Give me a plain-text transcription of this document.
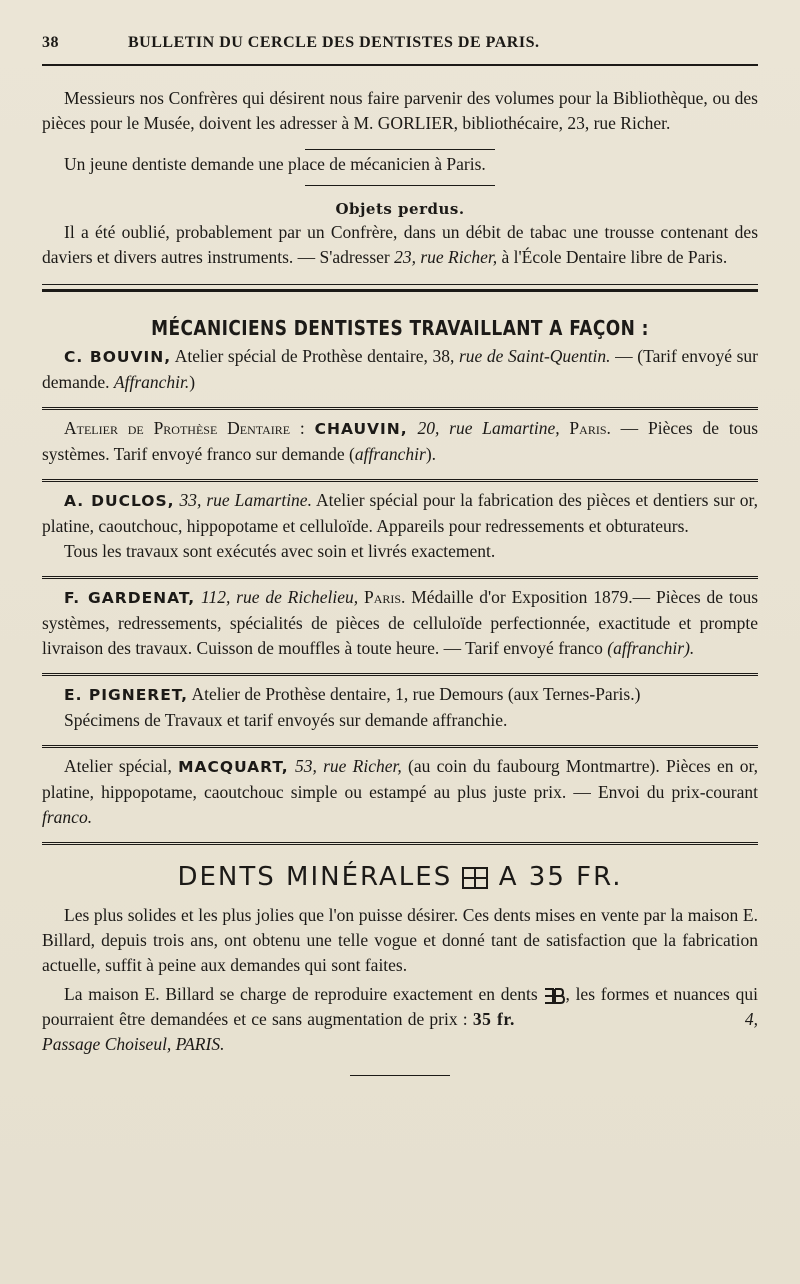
38	BULLETIN DU CERCLE DES DENTISTES DE PARIS.

Messieurs nos Confrères qui désirent nous faire parvenir des volumes pour la Bibliothèque, ou des pièces pour le Musée, doivent les adresser à M. GORLIER, bibliothécaire, 23, rue Richer.

Un jeune dentiste demande une place de mécanicien à Paris.

Objets perdus.

Il a été oublié, probablement par un Confrère, dans un débit de tabac une trousse contenant des daviers et divers autres instruments. — S'adresser 23, rue Richer, à l'École Dentaire libre de Paris.

MÉCANICIENS DENTISTES TRAVAILLANT A FAÇON :

C. BOUVIN, Atelier spécial de Prothèse dentaire, 38, rue de Saint-Quentin. — (Tarif envoyé sur demande. Affranchir.)

Atelier de Prothèse Dentaire : CHAUVIN, 20, rue Lamartine, Paris. — Pièces de tous systèmes. Tarif envoyé franco sur demande (affranchir).

A. DUCLOS, 33, rue Lamartine. Atelier spécial pour la fabrication des pièces et dentiers sur or, platine, caoutchouc, hippopotame et celluloïde. Appareils pour redressements et obturateurs.

Tous les travaux sont exécutés avec soin et livrés exactement.

F. GARDENAT, 112, rue de Richelieu, Paris. Médaille d'or Exposition 1879.— Pièces de tous systèmes, redressements, spécialités de pièces de celluloïde perfectionnée, exactitude et prompte livraison des travaux. Cuisson de mouffles à toute heure. — Tarif envoyé franco (affranchir).

E. PIGNERET, Atelier de Prothèse dentaire, 1, rue Demours (aux Ternes-Paris.)

Spécimens de Travaux et tarif envoyés sur demande affranchie.

Atelier spécial, MACQUART, 53, rue Richer, (au coin du faubourg Montmartre). Pièces en or, platine, hippopotame, caoutchouc simple ou estampé au plus juste prix. — Envoi du prix-courant franco.

DENTS MINÉRALES A 35 FR.

Les plus solides et les plus jolies que l'on puisse désirer. Ces dents mises en vente par la maison E. Billard, depuis trois ans, ont obtenu une telle vogue et donné tant de satisfaction que la fabrication actuelle, suffit à peine aux demandes qui sont faites.

La maison E. Billard se charge de reproduire exactement en dents
, les formes et nuances qui pourraient être demandées et ce sans augmentation de prix : 35 fr.	4, Passage Choiseul, PARIS.
